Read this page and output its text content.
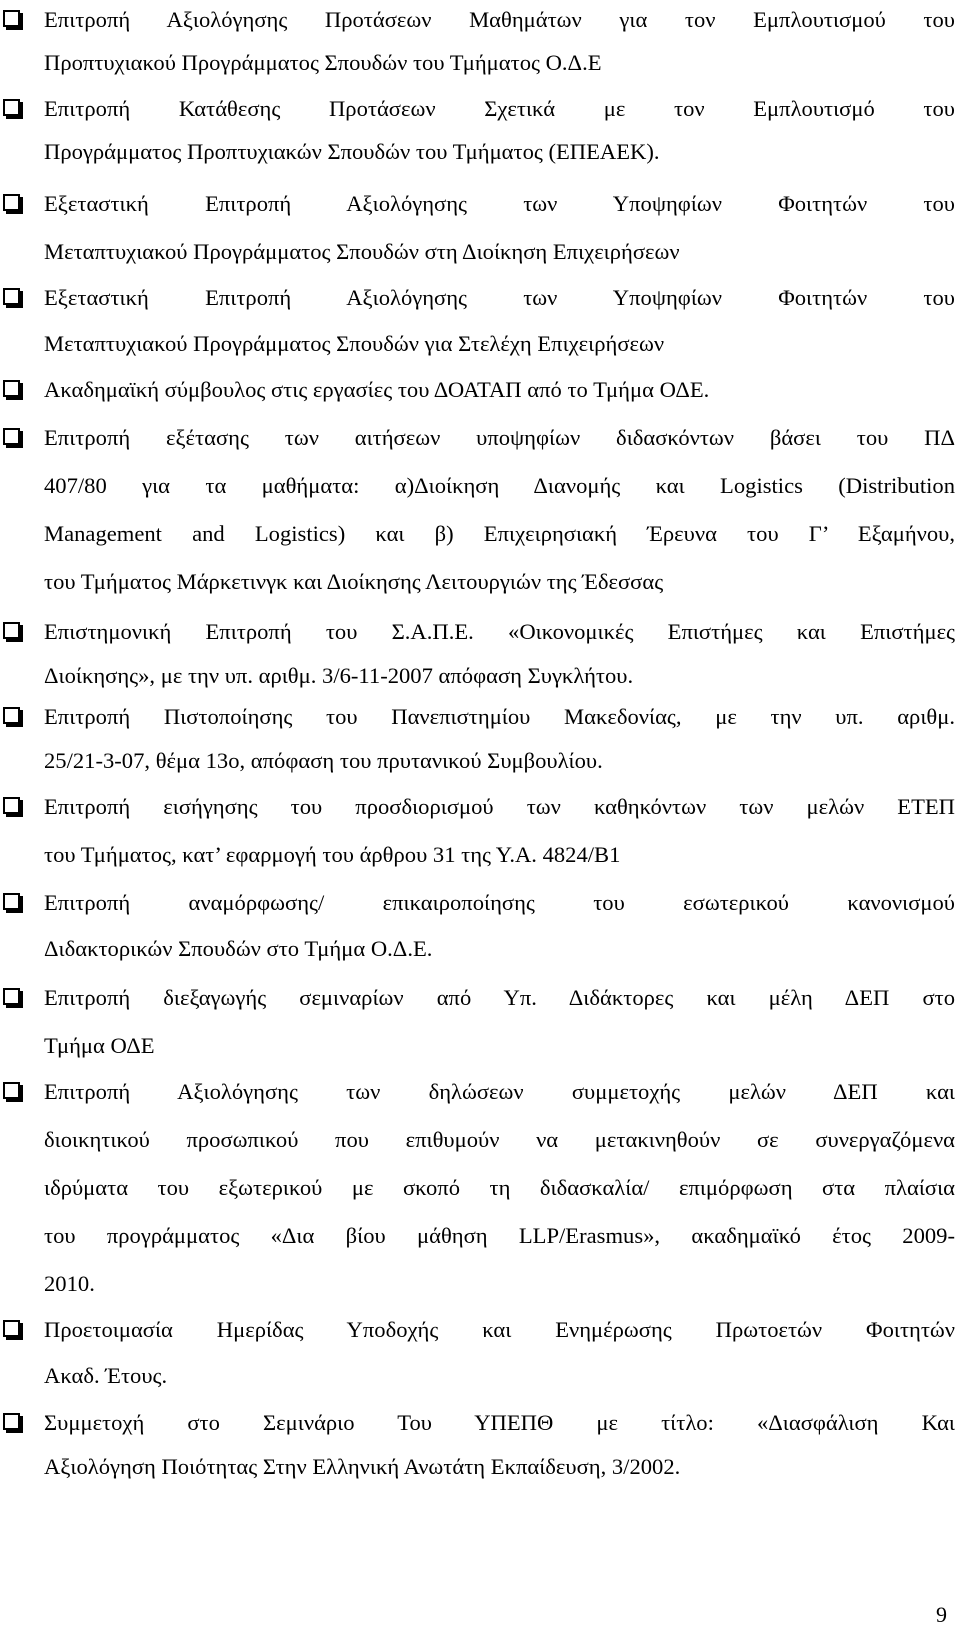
Επιτροπή Αξιολόγησης Προτάσεων Μαθημάτων για τον Εμπλουτισμού του
Προπτυχιακού Προγράμματος Σπουδών του Τμήματος Ο.Δ.Ε
Επιτροπή Κατάθεσης Προτάσεων Σχετικά με τον Εμπλουτισμό του
Προγράμματος Προπτυχιακών Σπουδών του Τμήματος (ΕΠΕΑΕΚ).
Εξεταστική Επιτροπή Αξιολόγησης των Υποψηφίων Φοιτητών του
Μεταπτυχιακού Προγράμματος Σπουδών στη Διοίκηση Επιχειρήσεων
Εξεταστική Επιτροπή Αξιολόγησης των Υποψηφίων Φοιτητών του
Μεταπτυχιακού Προγράμματος Σπουδών για Στελέχη Επιχειρήσεων
Ακαδημαϊκή σύμβουλος στις εργασίες του ΔΟΑΤΑΠ από το Τμήμα ΟΔΕ.
Επιτροπή εξέτασης των αιτήσεων υποψηφίων διδασκόντων βάσει του ΠΔ
407/80 για τα μαθήματα: α)Διοίκηση Διανομής και Logistics (Distribution
Management and Logistics) και β) Επιχειρησιακή Έρευνα του Γ’ Εξαμήνου,
του Τμήματος Μάρκετινγκ και Διοίκησης Λειτουργιών της Έδεσσας
Επιστημονική Επιτροπή του Σ.Α.Π.Ε. «Οικονομικές Επιστήμες και Επιστήμες
Διοίκησης», με την υπ. αριθμ. 3/6-11-2007 απόφαση Συγκλήτου.
Επιτροπή Πιστοποίησης του Πανεπιστημίου Μακεδονίας, με την υπ. αριθμ.
25/21-3-07, θέμα 13ο, απόφαση του πρυτανικού Συμβουλίου.
Επιτροπή εισήγησης του προσδιορισμού των καθηκόντων των μελών ΕΤΕΠ
του Τμήματος, κατ’ εφαρμογή του άρθρου 31 της Υ.Α. 4824/Β1
Επιτροπή αναμόρφωσης/ επικαιροποίησης του εσωτερικού κανονισμού
Διδακτορικών Σπουδών στο Τμήμα Ο.Δ.Ε.
Επιτροπή διεξαγωγής σεμιναρίων από Υπ. Διδάκτορες και μέλη ΔΕΠ στο
Τμήμα ΟΔΕ
Επιτροπή Αξιολόγησης των δηλώσεων συμμετοχής μελών ΔΕΠ και
διοικητικού προσωπικού που επιθυμούν να μετακινηθούν σε συνεργαζόμενα
ιδρύματα του εξωτερικού με σκοπό τη διδασκαλία/ επιμόρφωση στα πλαίσια
του προγράμματος «Δια βίου μάθηση LLP/Erasmus», ακαδημαϊκό έτος 2009-
2010.
Προετοιμασία Ημερίδας Υποδοχής και Ενημέρωσης Πρωτοετών Φοιτητών
Ακαδ. Έτους.
Συμμετοχή στο Σεμινάριο Του ΥΠΕΠΘ με τίτλο: «Διασφάλιση Και
Αξιολόγηση Ποιότητας Στην Ελληνική Ανωτάτη Εκπαίδευση, 3/2002.
9
